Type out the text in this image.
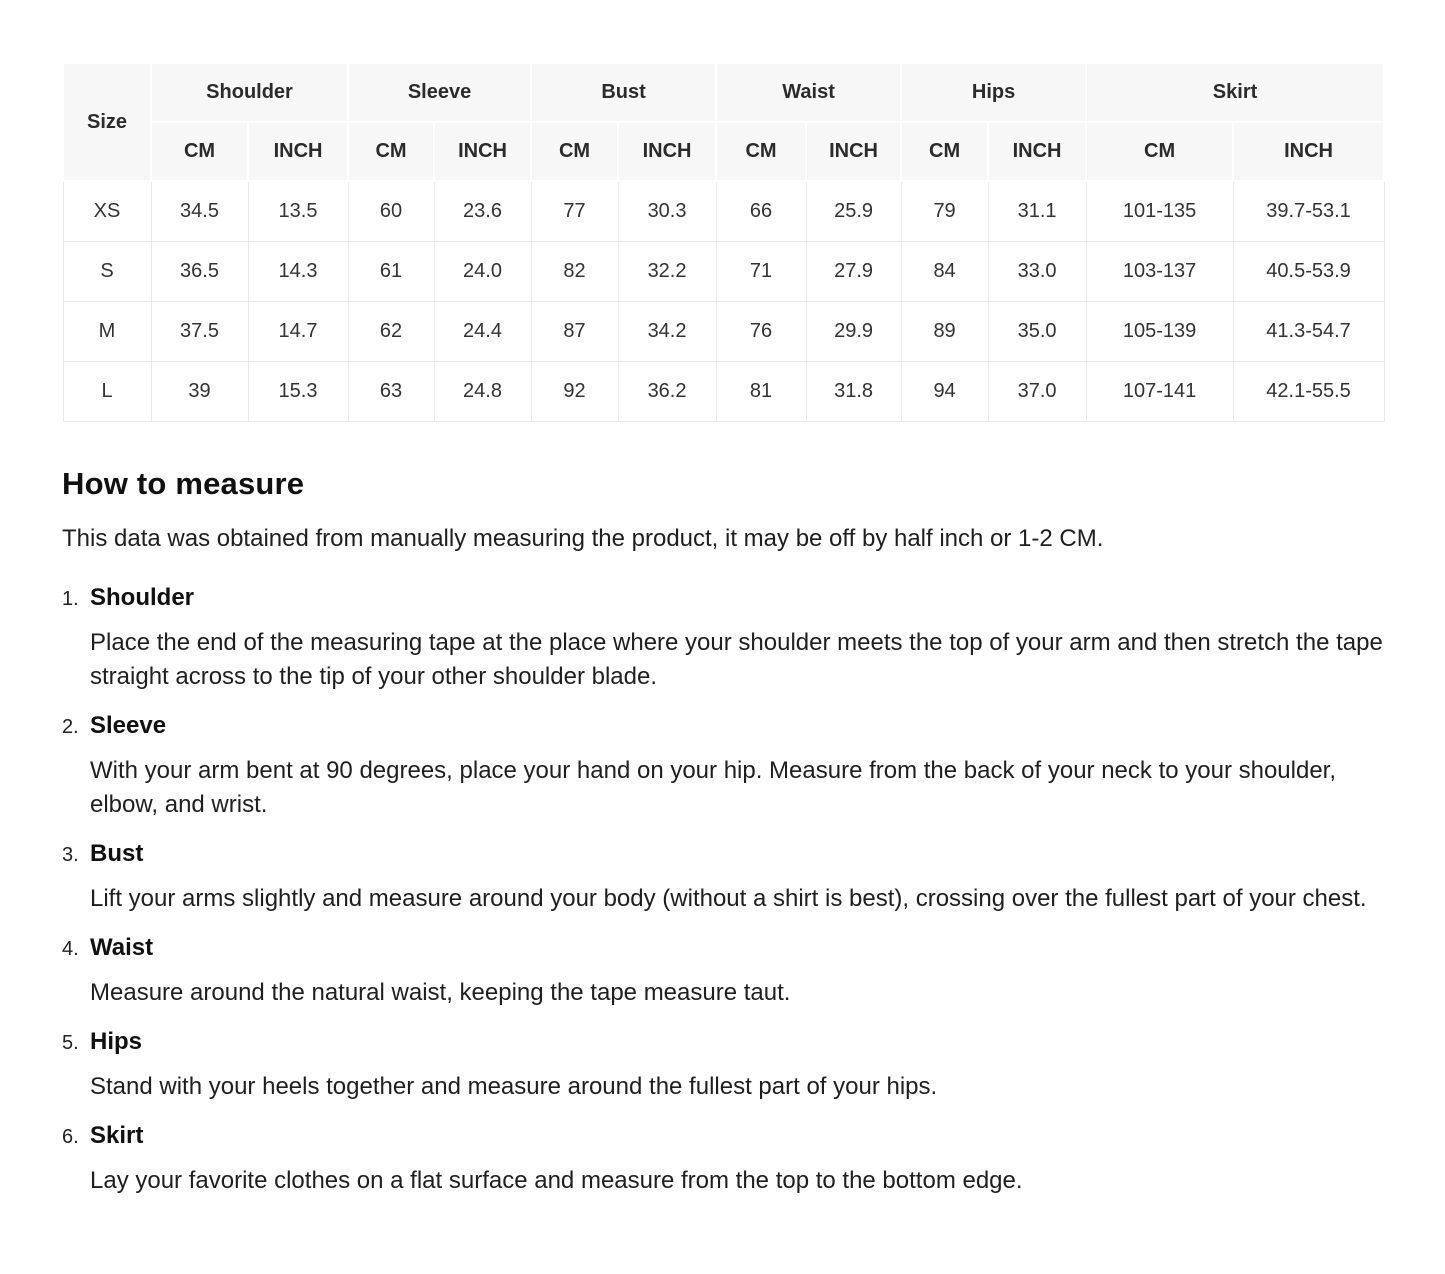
Size	Shoulder		Sleeve		Bust		Waist		Hips		Skirt	
	CM	INCH	CM	INCH	CM	INCH	CM	INCH	CM	INCH	CM	INCH
XS	34.5	13.5	60	23.6	77	30.3	66	25.9	79	31.1	101-135	39.7-53.1
S	36.5	14.3	61	24.0	82	32.2	71	27.9	84	33.0	103-137	40.5-53.9
M	37.5	14.7	62	24.4	87	34.2	76	29.9	89	35.0	105-139	41.3-54.7
L	39	15.3	63	24.8	92	36.2	81	31.8	94	37.0	107-141	42.1-55.5
How to measure

This data was obtained from manually measuring the product, it may be off by half inch or 1-2 CM.

1. Shoulder

Place the end of the measuring tape at the place where your shoulder meets the top of your arm and then stretch the tape straight across to the tip of your other shoulder blade.

2. Sleeve

With your arm bent at 90 degrees, place your hand on your hip. Measure from the back of your neck to your shoulder, elbow, and wrist.

3. Bust

Lift your arms slightly and measure around your body (without a shirt is best), crossing over the fullest part of your chest.

4. Waist

Measure around the natural waist, keeping the tape measure taut.

5. Hips

Stand with your heels together and measure around the fullest part of your hips.

6. Skirt

Lay your favorite clothes on a flat surface and measure from the top to the bottom edge.
